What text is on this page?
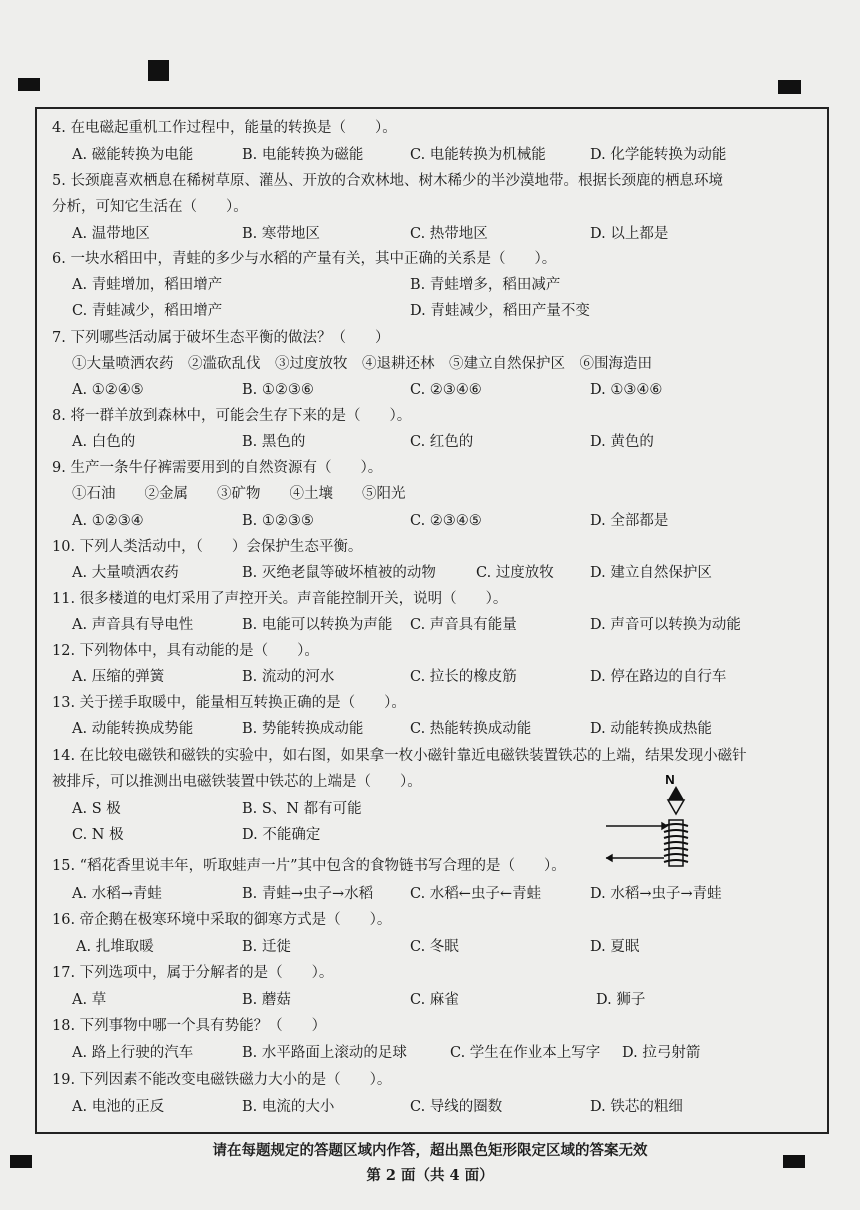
4. 在电磁起重机工作过程中，能量的转换是（　　）。
A. 磁能转换为电能	B. 电能转换为磁能	C. 电能转换为机械能	D. 化学能转换为动能
5. 长颈鹿喜欢栖息在稀树草原、灌丛、开放的合欢林地、树木稀少的半沙漠地带。根据长颈鹿的栖息环境
分析，可知它生活在（　　）。
A. 温带地区	B. 寒带地区	C. 热带地区	D. 以上都是
6. 一块水稻田中，青蛙的多少与水稻的产量有关，其中正确的关系是（　　）。
A. 青蛙增加，稻田增产	B. 青蛙增多，稻田减产
C. 青蛙减少，稻田增产	D. 青蛙减少，稻田产量不变
7. 下列哪些活动属于破坏生态平衡的做法？（　　）
①大量喷洒农药　②滥砍乱伐　③过度放牧　④退耕还林　⑤建立自然保护区　⑥围海造田
A. ①②④⑤	B. ①②③⑥	C. ②③④⑥	D. ①③④⑥
8. 将一群羊放到森林中，可能会生存下来的是（　　）。
A. 白色的	B. 黑色的	C. 红色的	D. 黄色的
9. 生产一条牛仔裤需要用到的自然资源有（　　）。
①石油　　②金属　　③矿物　　④土壤　　⑤阳光
A. ①②③④	B. ①②③⑤	C. ②③④⑤	D. 全部都是
10. 下列人类活动中，（　　）会保护生态平衡。
A. 大量喷洒农药	B. 灭绝老鼠等破坏植被的动物	C. 过度放牧 D. 建立自然保护区
11. 很多楼道的电灯采用了声控开关。声音能控制开关，说明（　　）。
A. 声音具有导电性	B. 电能可以转换为声能 C. 声音具有能量	D. 声音可以转换为动能
12. 下列物体中，具有动能的是（　　）。
A. 压缩的弹簧	B. 流动的河水	C. 拉长的橡皮筋	D. 停在路边的自行车
13. 关于搓手取暖中，能量相互转换正确的是（　　）。
A. 动能转换成势能	B. 势能转换成动能	C. 热能转换成动能	D. 动能转换成热能
14. 在比较电磁铁和磁铁的实验中，如右图，如果拿一枚小磁针靠近电磁铁装置铁芯的上端，结果发现小磁针
被排斥，可以推测出电磁铁装置中铁芯的上端是（　　）。
A. S 极	B. S、N 都有可能
C. N 极	D. 不能确定
N
15. “稻花香里说丰年，听取蛙声一片”其中包含的食物链书写合理的是（　　）。
A. 水稻→青蛙	B. 青蛙→虫子→水稻	C. 水稻←虫子←青蛙	D. 水稻→虫子→青蛙
16. 帝企鹅在极寒环境中采取的御寒方式是（　　）。
A. 扎堆取暖	B. 迁徙	C. 冬眠	D. 夏眠
17. 下列选项中，属于分解者的是（　　）。
A. 草	B. 蘑菇	C. 麻雀	D. 狮子
18. 下列事物中哪一个具有势能？（　　）
A. 路上行驶的汽车	B. 水平路面上滚动的足球	C. 学生在作业本上写字 D. 拉弓射箭
19. 下列因素不能改变电磁铁磁力大小的是（　　）。
A. 电池的正反	B. 电流的大小	C. 导线的圈数	D. 铁芯的粗细
请在每题规定的答题区域内作答，超出黑色矩形限定区域的答案无效
第 2 面（共 4 面）
